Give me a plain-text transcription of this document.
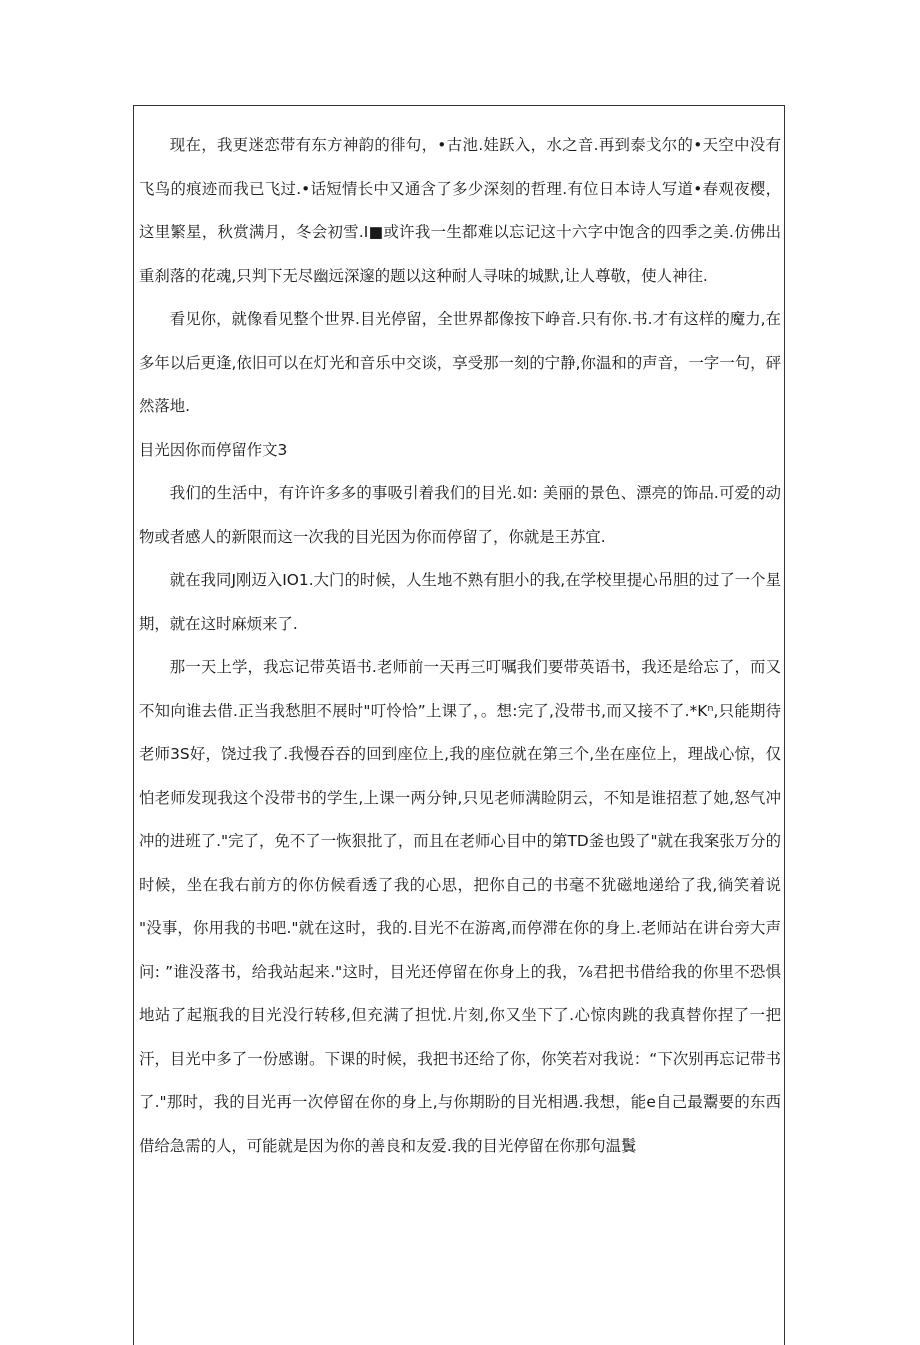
现在，我更迷恋带有东方神韵的徘句，•古池.娃跃入，水之音.再到泰戈尔的•天空中没有飞鸟的痕迹而我已飞过.•话短情长中又通含了多少深刻的哲理.有位日本诗人写道•春观夜樱，这里繁星，秋赏满月，冬会初雪.I■或许我一生都难以忘记这十六字中饱含的四季之美.仿佛出重刹落的花魂,只判下无尽幽远深邃的题以这种耐人寻味的城默,让人尊敬，使人神往.

看见你，就像看见整个世界.目光停留，全世界都像按下峥音.只有你.书.才有这样的魔力,在多年以后更逢,依旧可以在灯光和音乐中交谈，享受那一刻的宁静,你温和的声音，一字一句，砰然落地.

目光因你而停留作文3

我们的生活中，有许许多多的事吸引着我们的目光.如: 美丽的景色、漂亮的饰品.可爱的动物或者感人的新限而这一次我的目光因为你而停留了，你就是王苏宜.

就在我同J刚迈入IO1.大门的时候，人生地不熟有胆小的我,在学校里提心吊胆的过了一个星期，就在这时麻烦来了.

那一天上学，我忘记带英语书.老师前一天再三叮嘱我们要带英语书，我还是给忘了，而又不知向谁去借.正当我愁胆不展时"叮怜恰”上课了，。想:完了,没带书,而又接不了.*Kⁿ,只能期待老师3S好，饶过我了.我慢吞吞的回到座位上,我的座位就在第三个,坐在座位上，理战心惊，仅怕老师发现我这个没带书的学生,上课一两分钟,只见老师满睑阴云，不知是谁招惹了她,怒气冲冲的进班了."完了，免不了一恢狠批了，而且在老师心目中的第TD釜也毁了"就在我案张万分的时候，坐在我右前方的你仿候看透了我的心思，把你自己的书毫不犹磁地递给了我,徜笑着说 "没事，你用我的书吧."就在这时，我的.目光不在游离,而停滞在你的身上.老师站在讲台旁大声问: ”谁没落书，给我站起来."这时，目光还停留在你身上的我，⅞君把书借给我的你里不恐惧地站了起瓶我的目光没行转移,但充满了担忧.片刻,你又坐下了.心惊肉跳的我真替你捏了一把汗，目光中多了一份感谢。下课的时候，我把书还给了你，你笑若对我说：“下次别再忘记带书了."那时，我的目光再一次停留在你的身上,与你期盼的目光相遇.我想，能e自己最鬻要的东西借给急需的人，可能就是因为你的善良和友爱.我的目光停留在你那句温鬒
